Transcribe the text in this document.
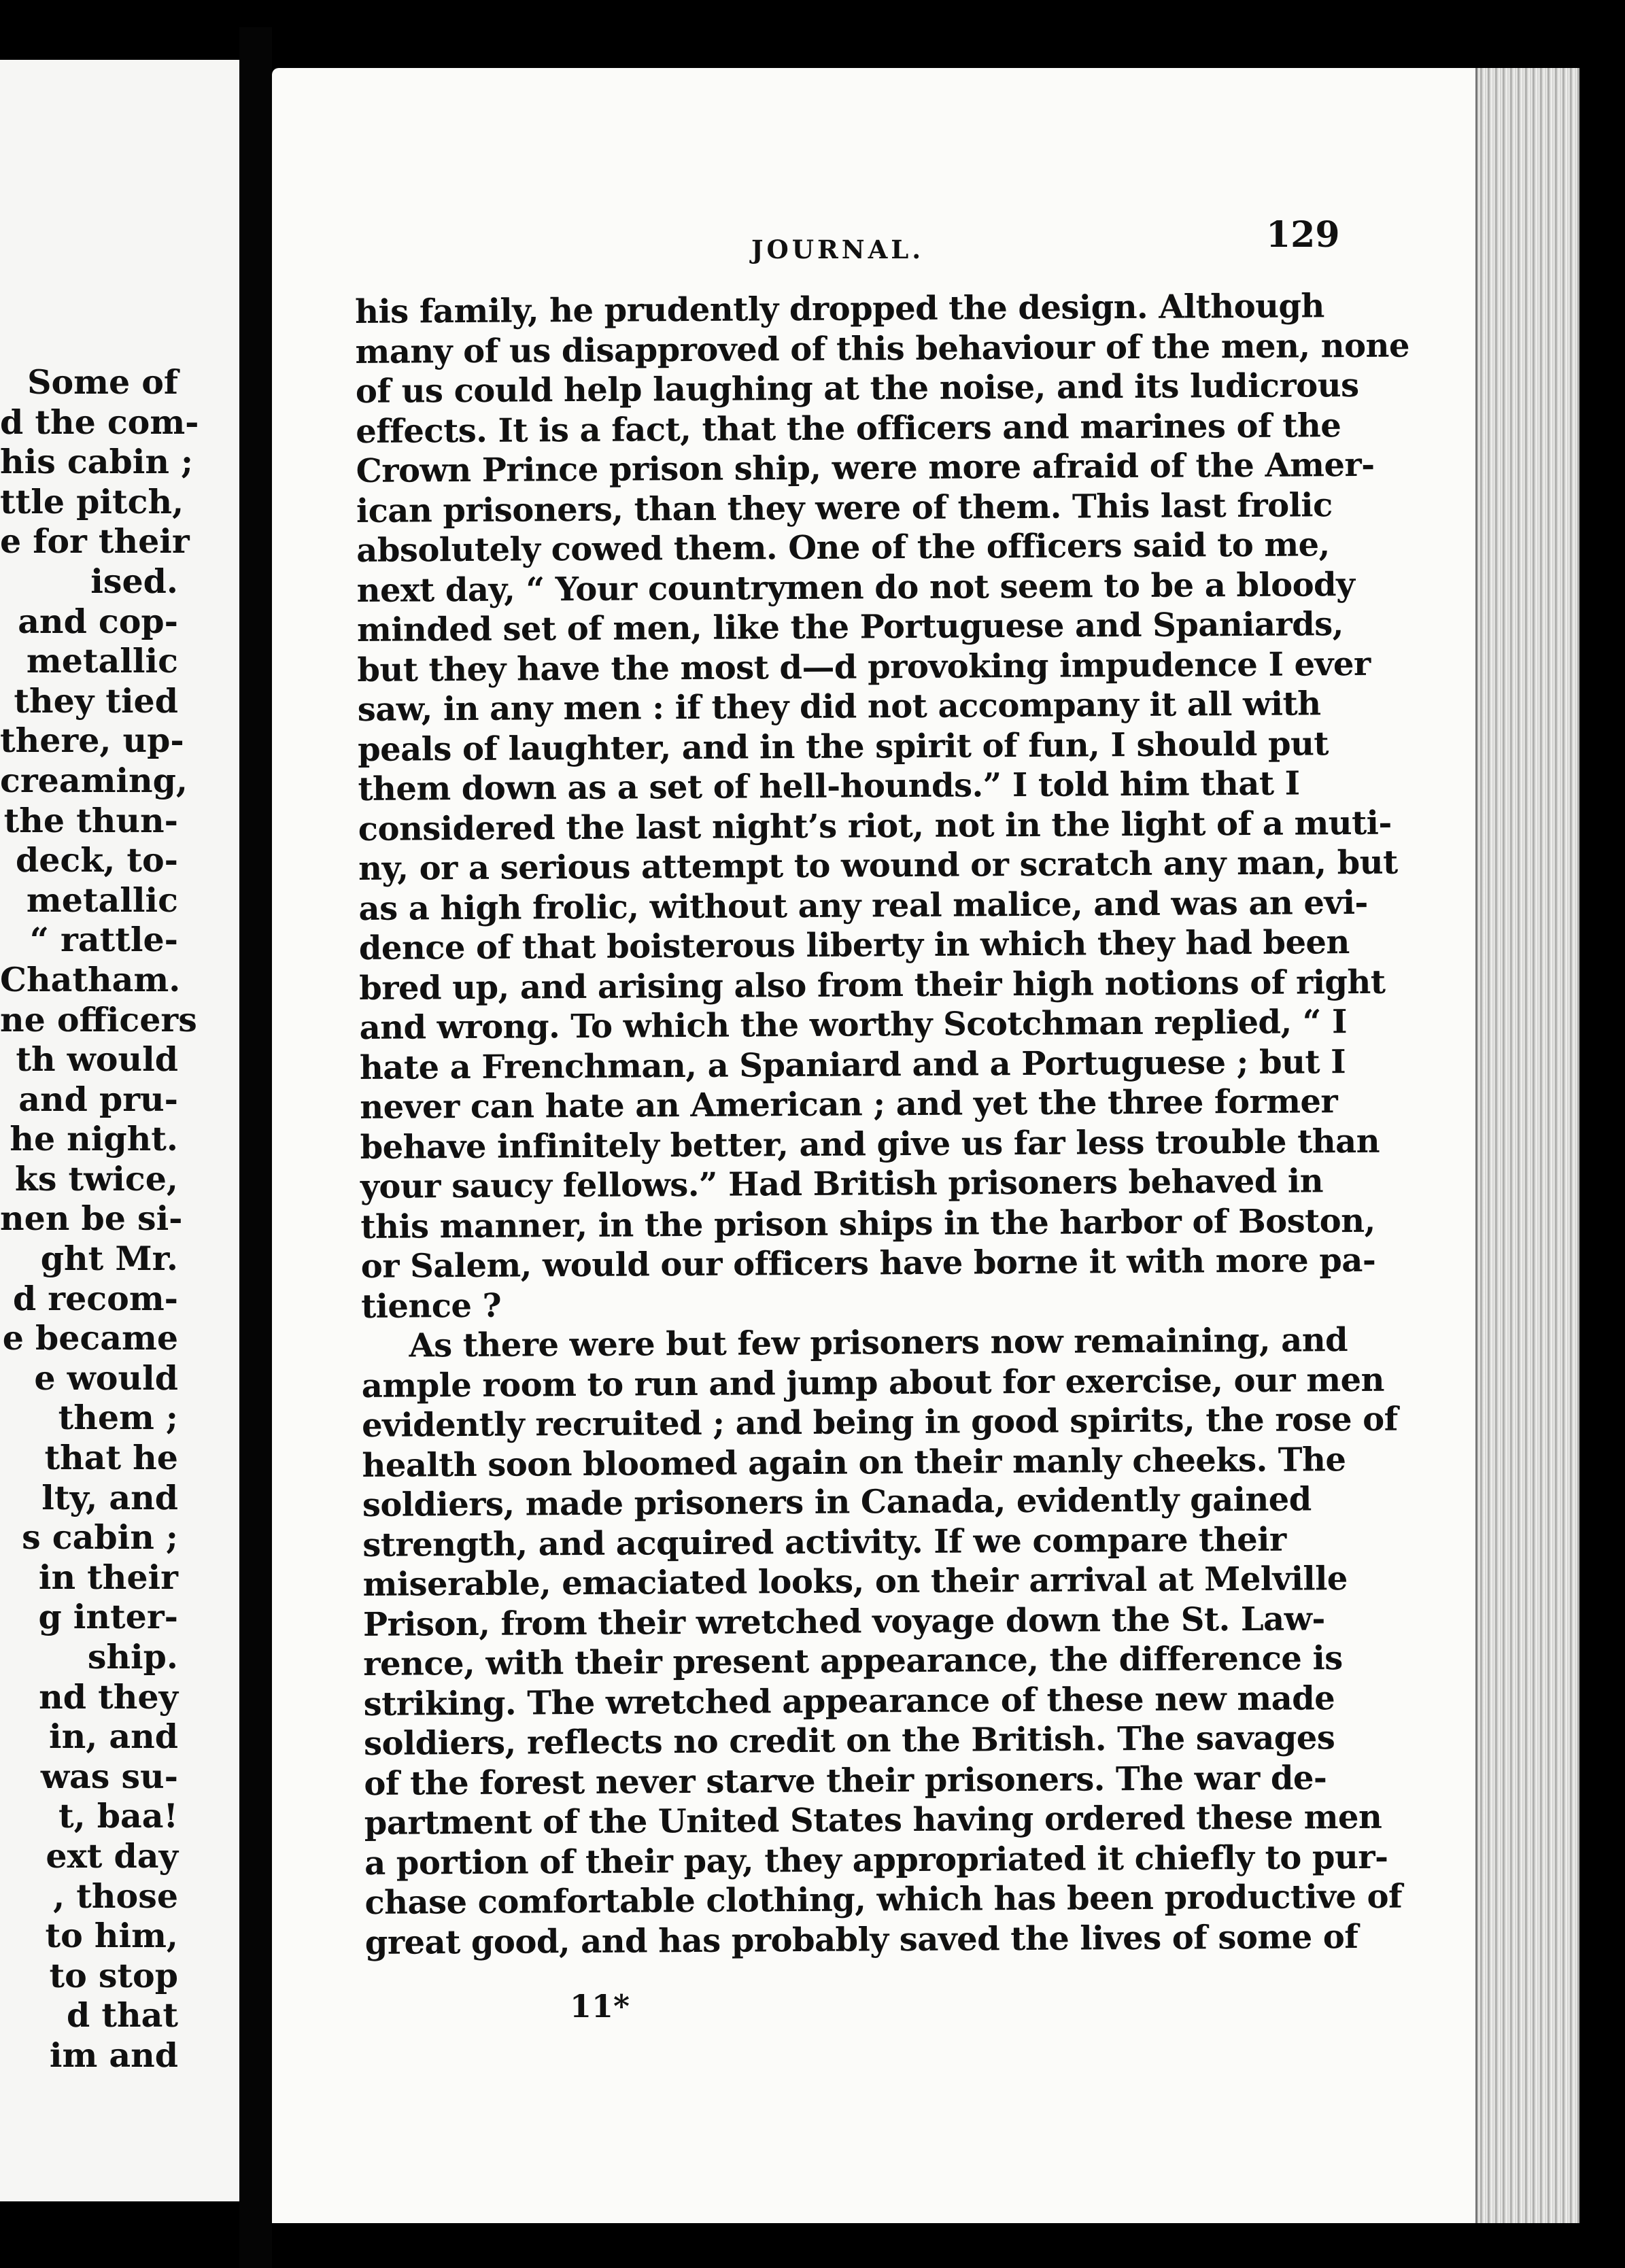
Some of
d the com-
his cabin ;
ttle pitch,
e for their
ised.
and cop-
metallic
they tied
there, up-
creaming,
the thun-
deck, to-
metallic
“ rattle-
Chatham.
ne officers
th would
and pru-
he night.
ks twice,
nen be si-
ght Mr.
d recom-
e became
e would
them ;
that he
lty, and
s cabin ;
in their
g inter-
ship.
nd they
in, and
was su-
t, baa!
ext day
, those
to him,
to stop
d that
im and
JOURNAL.	129
his family, he prudently dropped the design. Although
many of us disapproved of this behaviour of the men, none
of us could help laughing at the noise, and its ludicrous
effects. It is a fact, that the officers and marines of the
Crown Prince prison ship, were more afraid of the Amer-
ican prisoners, than they were of them. This last frolic
absolutely cowed them. One of the officers said to me,
next day, “ Your countrymen do not seem to be a bloody
minded set of men, like the Portuguese and Spaniards,
but they have the most d—d provoking impudence I ever
saw, in any men : if they did not accompany it all with
peals of laughter, and in the spirit of fun, I should put
them down as a set of hell-hounds.” I told him that I
considered the last night’s riot, not in the light of a muti-
ny, or a serious attempt to wound or scratch any man, but
as a high frolic, without any real malice, and was an evi-
dence of that boisterous liberty in which they had been
bred up, and arising also from their high notions of right
and wrong. To which the worthy Scotchman replied, “ I
hate a Frenchman, a Spaniard and a Portuguese ; but I
never can hate an American ; and yet the three former
behave infinitely better, and give us far less trouble than
your saucy fellows.” Had British prisoners behaved in
this manner, in the prison ships in the harbor of Boston,
or Salem, would our officers have borne it with more pa-
tience ?
As there were but few prisoners now remaining, and
ample room to run and jump about for exercise, our men
evidently recruited ; and being in good spirits, the rose of
health soon bloomed again on their manly cheeks. The
soldiers, made prisoners in Canada, evidently gained
strength, and acquired activity. If we compare their
miserable, emaciated looks, on their arrival at Melville
Prison, from their wretched voyage down the St. Law-
rence, with their present appearance, the difference is
striking. The wretched appearance of these new made
soldiers, reflects no credit on the British. The savages
of the forest never starve their prisoners. The war de-
partment of the United States having ordered these men
a portion of their pay, they appropriated it chiefly to pur-
chase comfortable clothing, which has been productive of
great good, and has probably saved the lives of some of
11*
